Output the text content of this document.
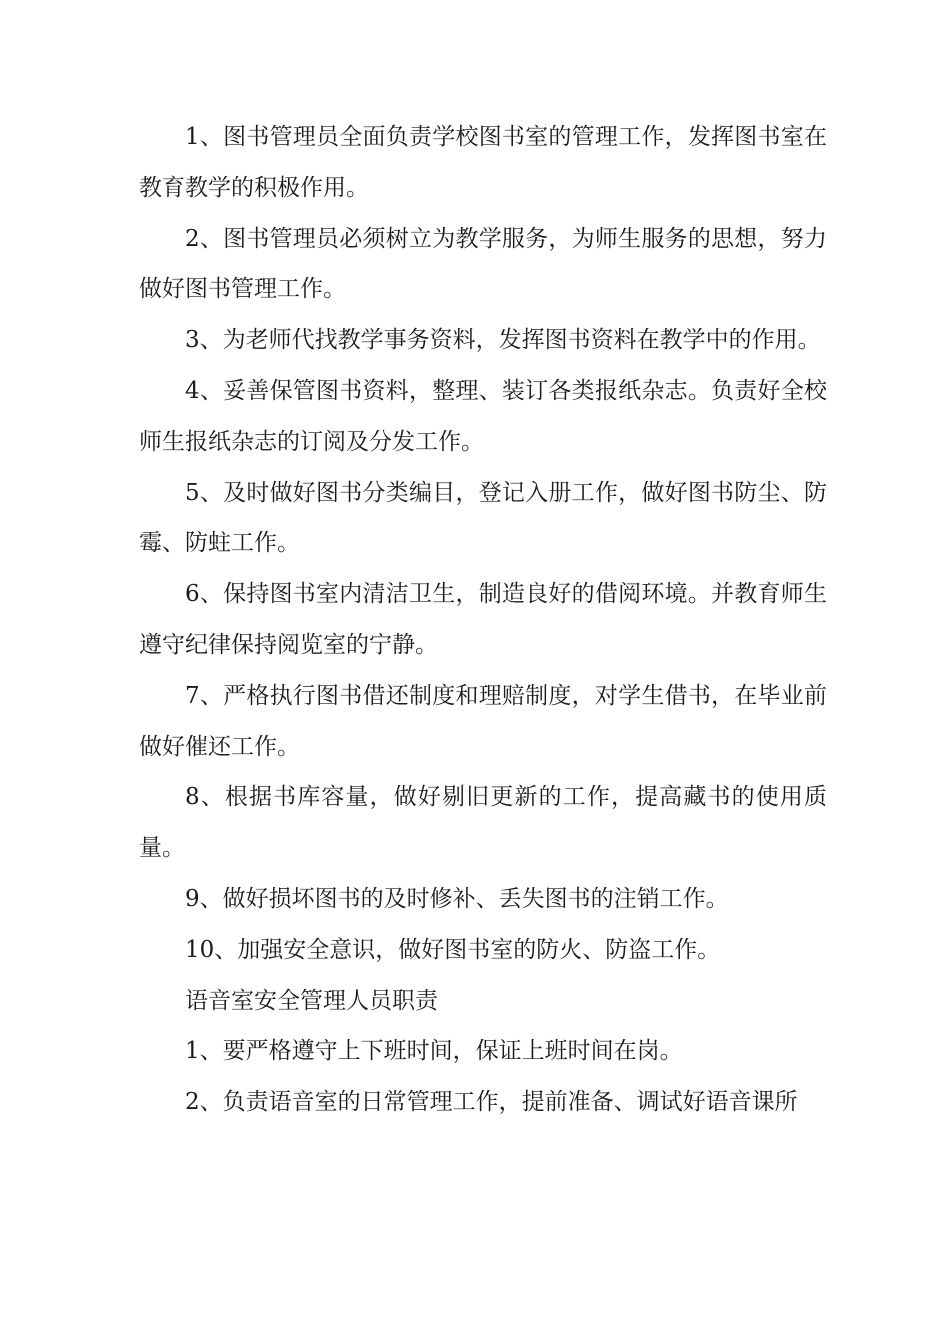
1、图书管理员全面负责学校图书室的管理工作，发挥图书室在教育教学的积极作用。

2、图书管理员必须树立为教学服务，为师生服务的思想，努力做好图书管理工作。

3、为老师代找教学事务资料，发挥图书资料在教学中的作用。

4、妥善保管图书资料，整理、装订各类报纸杂志。负责好全校师生报纸杂志的订阅及分发工作。

5、及时做好图书分类编目，登记入册工作，做好图书防尘、防霉、防蛀工作。

6、保持图书室内清洁卫生，制造良好的借阅环境。并教育师生遵守纪律保持阅览室的宁静。

7、严格执行图书借还制度和理赔制度，对学生借书，在毕业前做好催还工作。

8、根据书库容量，做好剔旧更新的工作，提高藏书的使用质量。

9、做好损坏图书的及时修补、丢失图书的注销工作。

10、加强安全意识，做好图书室的防火、防盗工作。

语音室安全管理人员职责

1、要严格遵守上下班时间，保证上班时间在岗。

2、负责语音室的日常管理工作，提前准备、调试好语音课所
